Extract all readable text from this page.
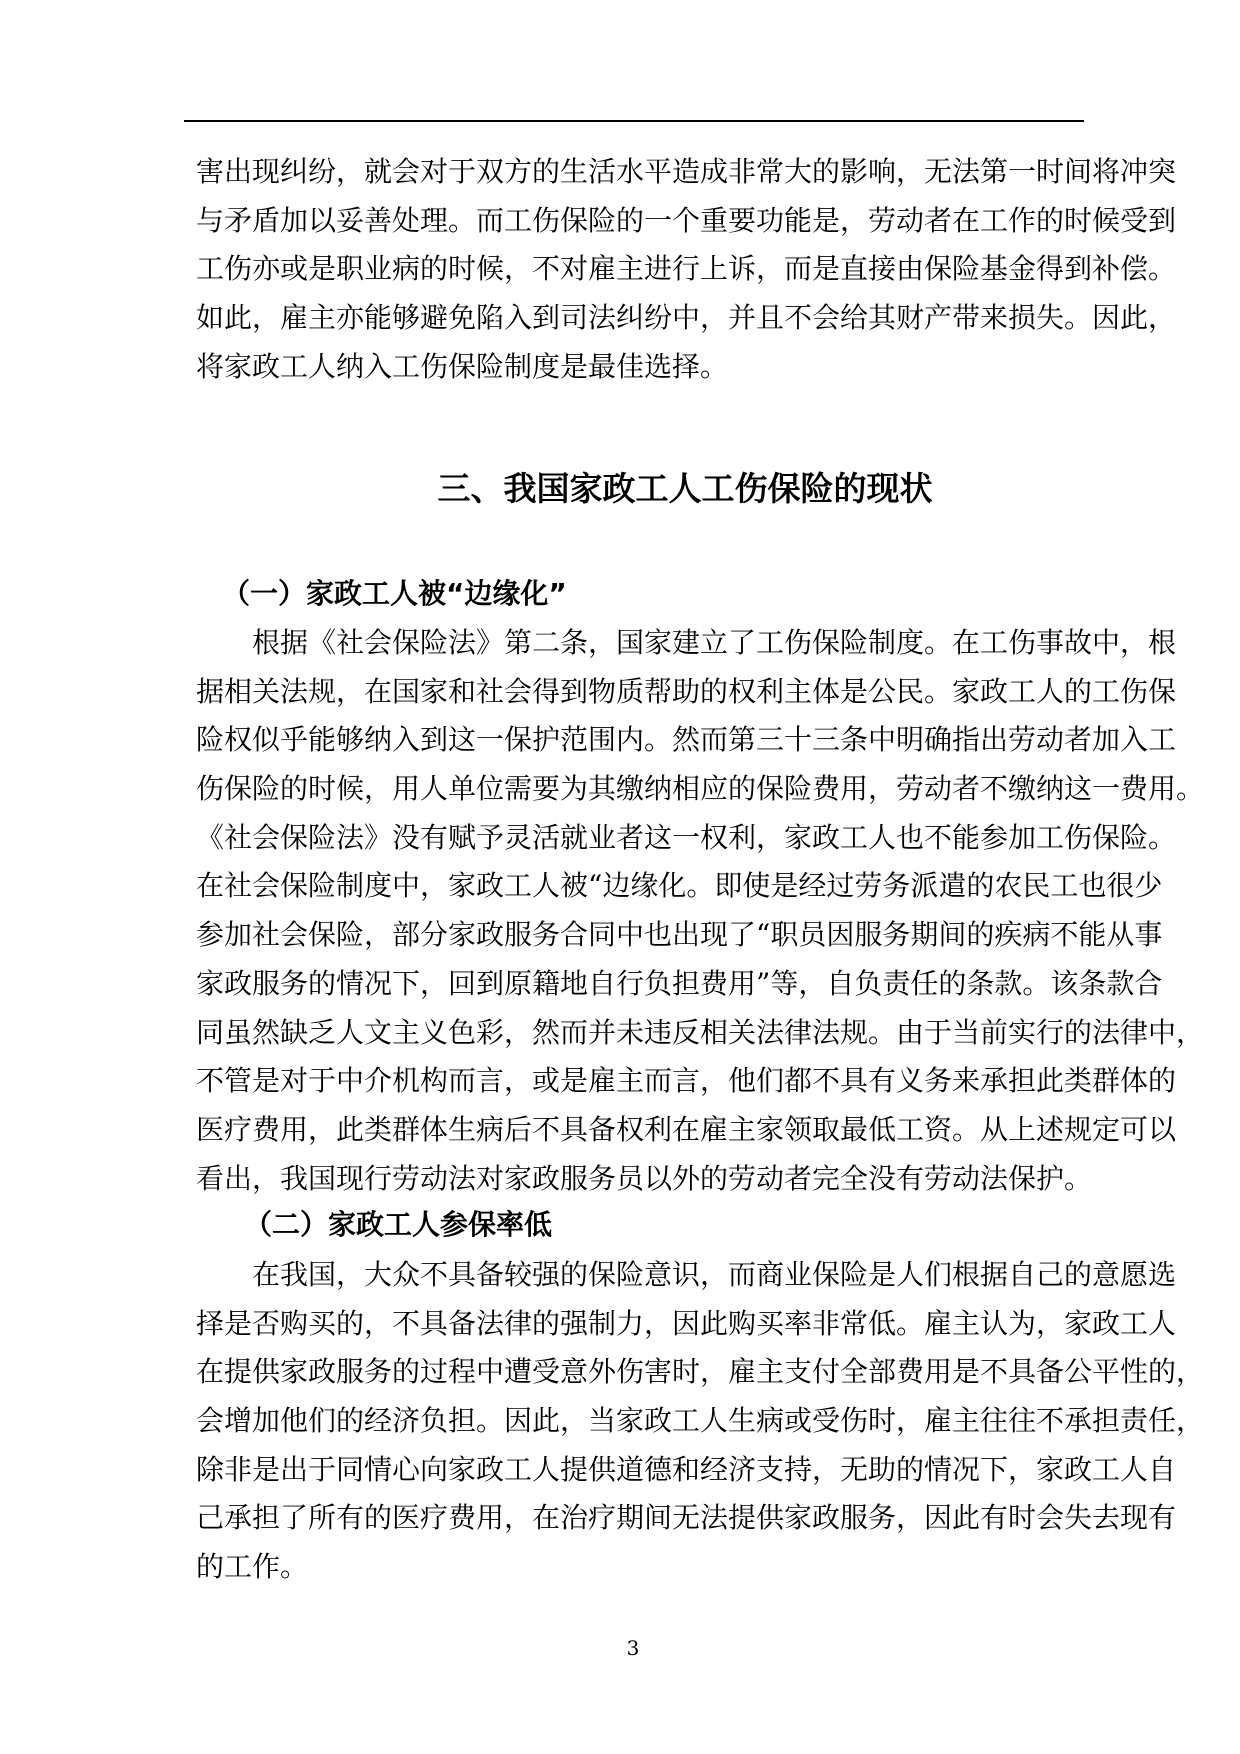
害出现纠纷，就会对于双方的生活水平造成非常大的影响，无法第一时间将冲突
与矛盾加以妥善处理。而工伤保险的一个重要功能是，劳动者在工作的时候受到
工伤亦或是职业病的时候，不对雇主进行上诉，而是直接由保险基金得到补偿。
如此，雇主亦能够避免陷入到司法纠纷中，并且不会给其财产带来损失。因此，
将家政工人纳入工伤保险制度是最佳选择。
三、我国家政工人工伤保险的现状
（一）家政工人被“边缘化”
根据《社会保险法》第二条，国家建立了工伤保险制度。在工伤事故中，根
据相关法规，在国家和社会得到物质帮助的权利主体是公民。家政工人的工伤保
险权似乎能够纳入到这一保护范围内。然而第三十三条中明确指出劳动者加入工
伤保险的时候，用人单位需要为其缴纳相应的保险费用，劳动者不缴纳这一费用。
《社会保险法》没有赋予灵活就业者这一权利，家政工人也不能参加工伤保险。
在社会保险制度中，家政工人被“边缘化。即使是经过劳务派遣的农民工也很少
参加社会保险，部分家政服务合同中也出现了“职员因服务期间的疾病不能从事
家政服务的情况下，回到原籍地自行负担费用”等，自负责任的条款。该条款合
同虽然缺乏人文主义色彩，然而并未违反相关法律法规。由于当前实行的法律中，
不管是对于中介机构而言，或是雇主而言，他们都不具有义务来承担此类群体的
医疗费用，此类群体生病后不具备权利在雇主家领取最低工资。从上述规定可以
看出，我国现行劳动法对家政服务员以外的劳动者完全没有劳动法保护。
（二）家政工人参保率低
在我国，大众不具备较强的保险意识，而商业保险是人们根据自己的意愿选
择是否购买的，不具备法律的强制力，因此购买率非常低。雇主认为，家政工人
在提供家政服务的过程中遭受意外伤害时，雇主支付全部费用是不具备公平性的，
会增加他们的经济负担。因此，当家政工人生病或受伤时，雇主往往不承担责任，
除非是出于同情心向家政工人提供道德和经济支持，无助的情况下，家政工人自
己承担了所有的医疗费用，在治疗期间无法提供家政服务，因此有时会失去现有
的工作。
3
